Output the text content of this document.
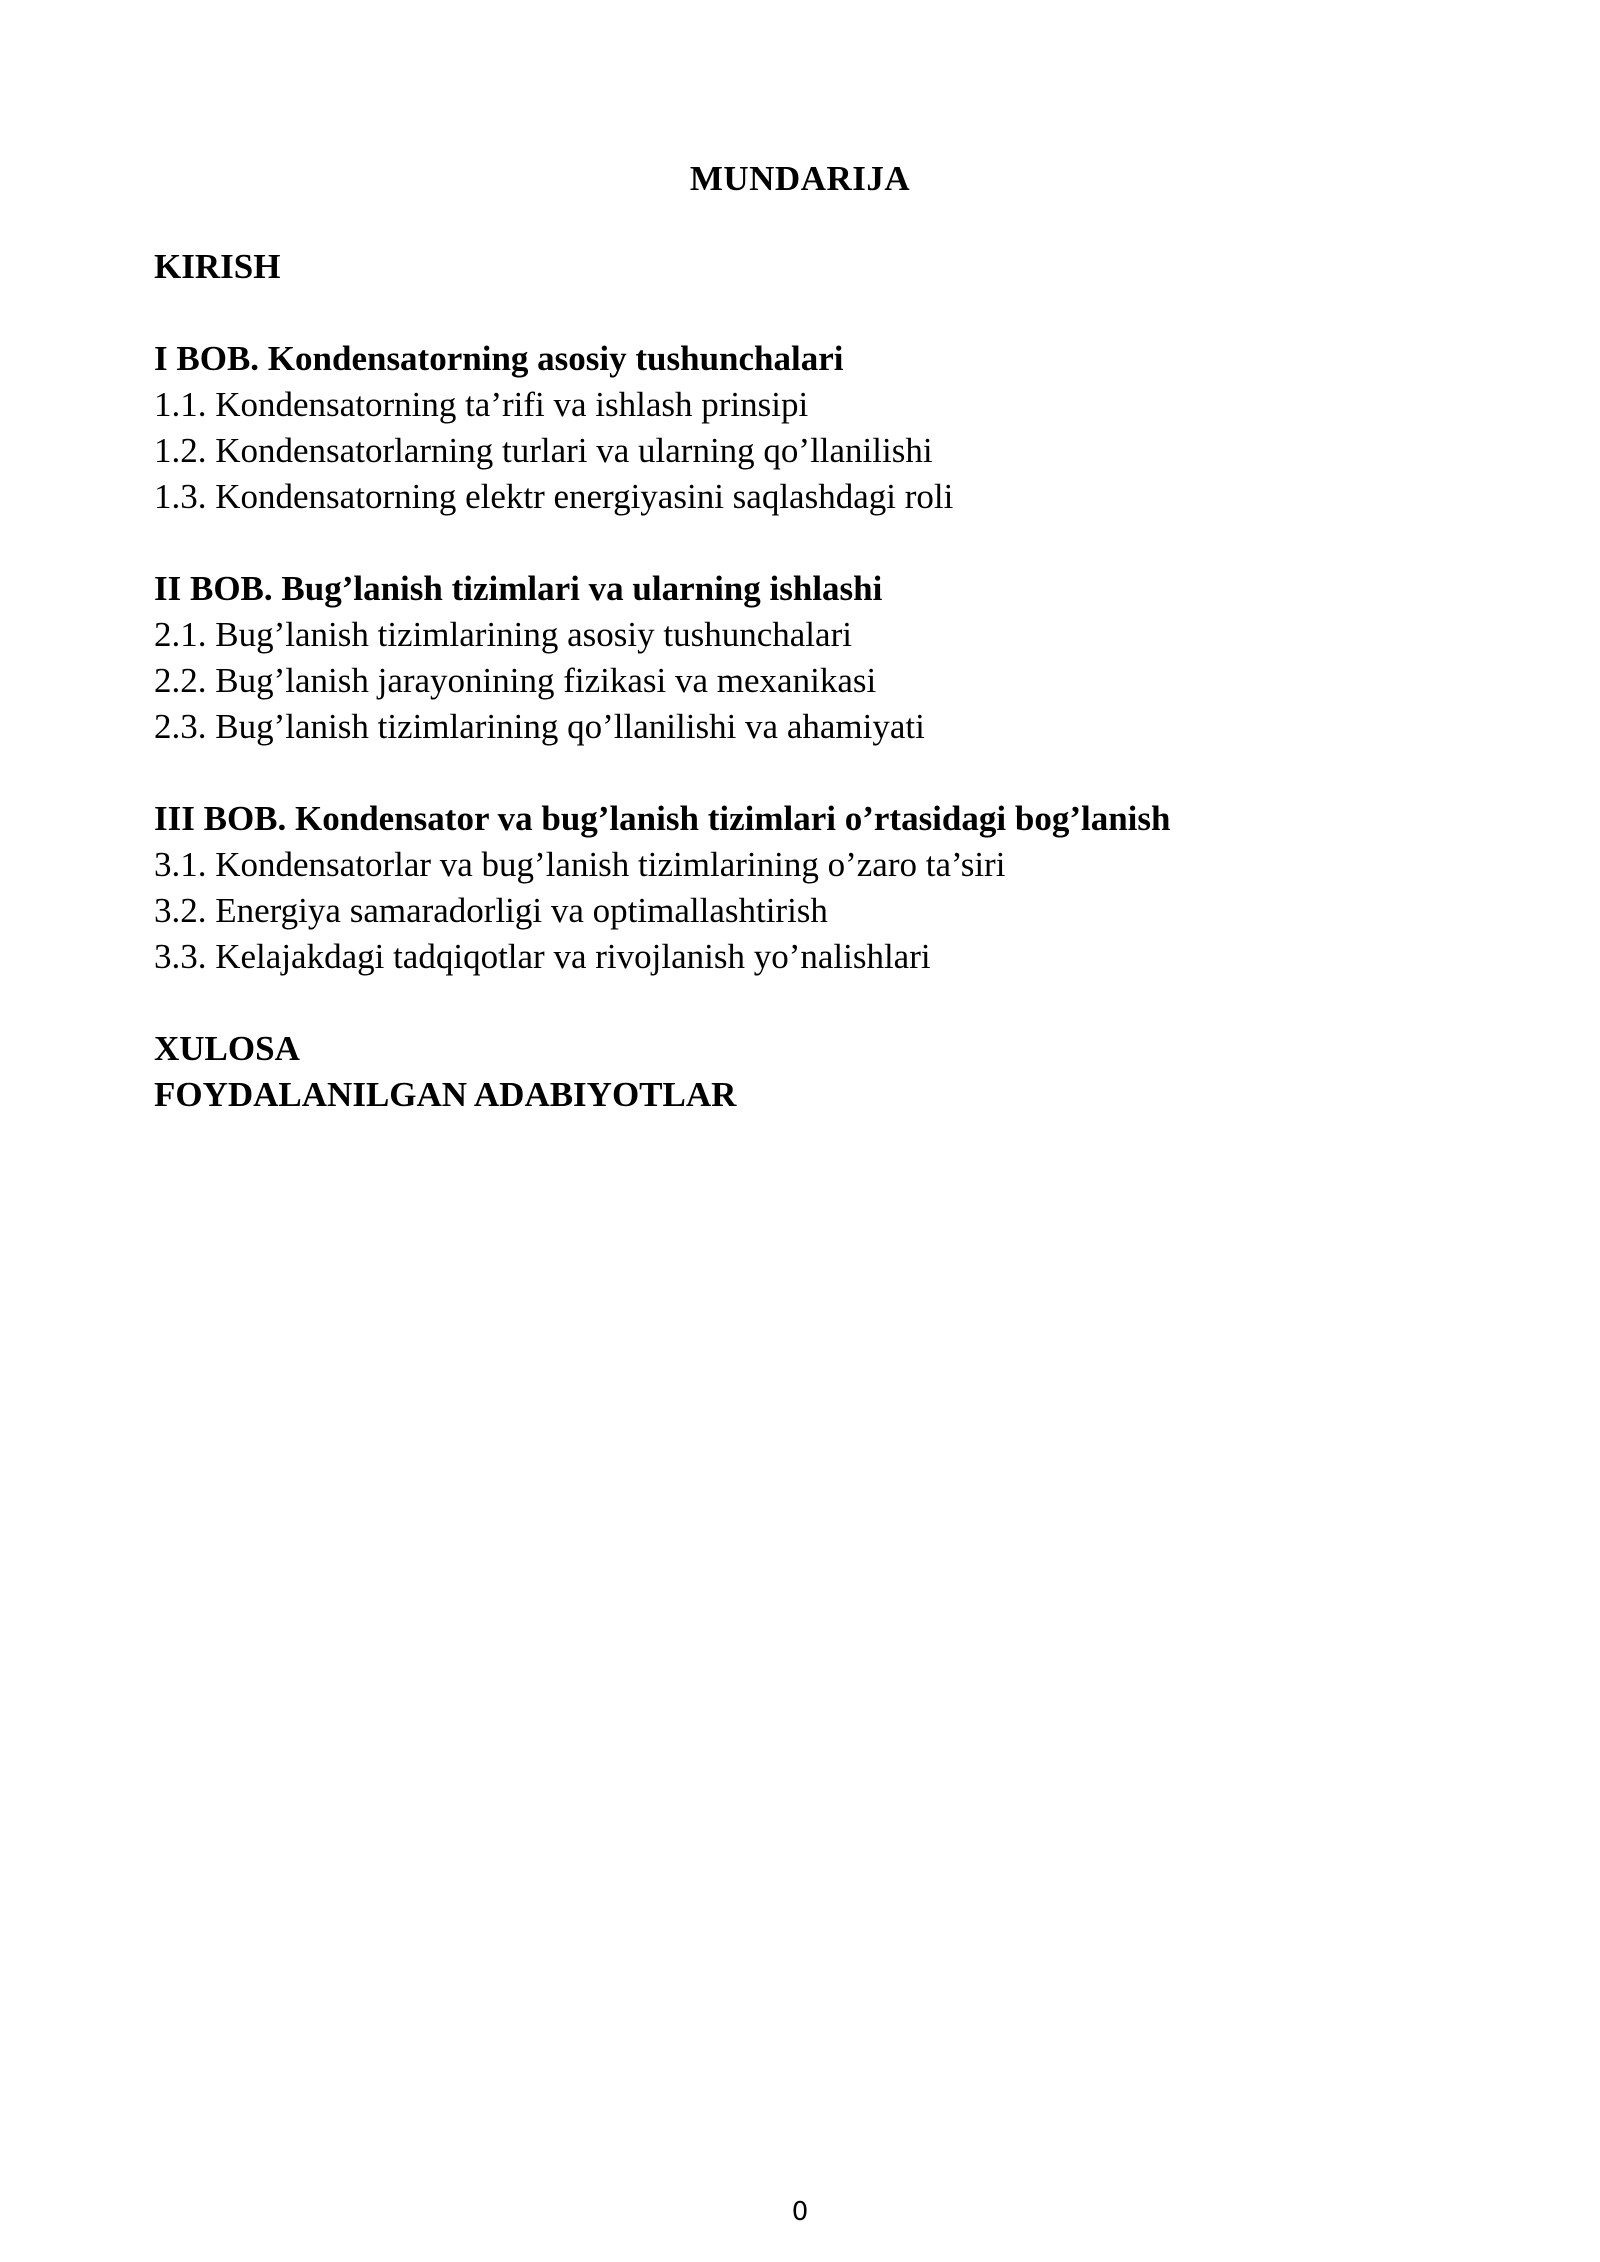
MUNDARIJA
KIRISH
I BOB. Kondensatorning asosiy tushunchalari
1.1. Kondensatorning ta’rifi va ishlash prinsipi
1.2. Kondensatorlarning turlari va ularning qo’llanilishi
1.3. Kondensatorning elektr energiyasini saqlashdagi roli
II BOB. Bug’lanish tizimlari va ularning ishlashi
2.1. Bug’lanish tizimlarining asosiy tushunchalari
2.2. Bug’lanish jarayonining fizikasi va mexanikasi
2.3. Bug’lanish tizimlarining qo’llanilishi va ahamiyati
III BOB. Kondensator va bug’lanish tizimlari o’rtasidagi bog’lanish
3.1. Kondensatorlar va bug’lanish tizimlarining o’zaro ta’siri
3.2. Energiya samaradorligi va optimallashtirish
3.3. Kelajakdagi tadqiqotlar va rivojlanish yo’nalishlari
XULOSA
FOYDALANILGAN ADABIYOTLAR
0
